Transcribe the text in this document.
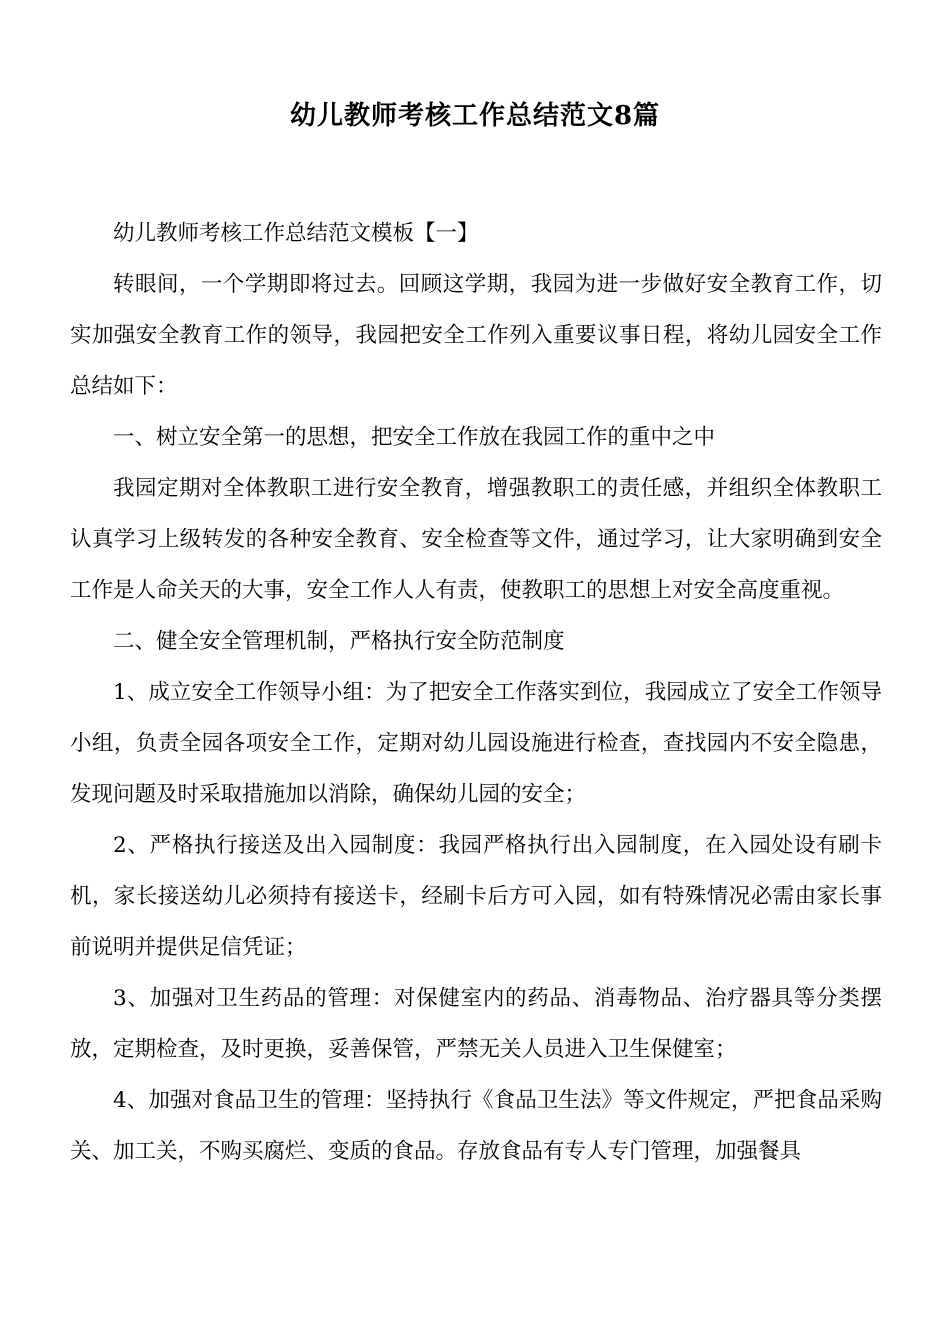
幼儿教师考核工作总结范文8篇

幼儿教师考核工作总结范文模板【一】

转眼间，一个学期即将过去。回顾这学期，我园为进一步做好安全教育工作，切实加强安全教育工作的领导，我园把安全工作列入重要议事日程，将幼儿园安全工作总结如下：

一、树立安全第一的思想，把安全工作放在我园工作的重中之中

我园定期对全体教职工进行安全教育，增强教职工的责任感，并组织全体教职工认真学习上级转发的各种安全教育、安全检查等文件，通过学习，让大家明确到安全工作是人命关天的大事，安全工作人人有责，使教职工的思想上对安全高度重视。

二、健全安全管理机制，严格执行安全防范制度

1、成立安全工作领导小组：为了把安全工作落实到位，我园成立了安全工作领导小组，负责全园各项安全工作，定期对幼儿园设施进行检查，查找园内不安全隐患，发现问题及时采取措施加以消除，确保幼儿园的安全；

2、严格执行接送及出入园制度：我园严格执行出入园制度，在入园处设有刷卡机，家长接送幼儿必须持有接送卡，经刷卡后方可入园，如有特殊情况必需由家长事前说明并提供足信凭证；

3、加强对卫生药品的管理：对保健室内的药品、消毒物品、治疗器具等分类摆放，定期检查，及时更换，妥善保管，严禁无关人员进入卫生保健室；

4、加强对食品卫生的管理：坚持执行《食品卫生法》等文件规定，严把食品采购关、加工关，不购买腐烂、变质的食品。存放食品有专人专门管理，加强餐具
